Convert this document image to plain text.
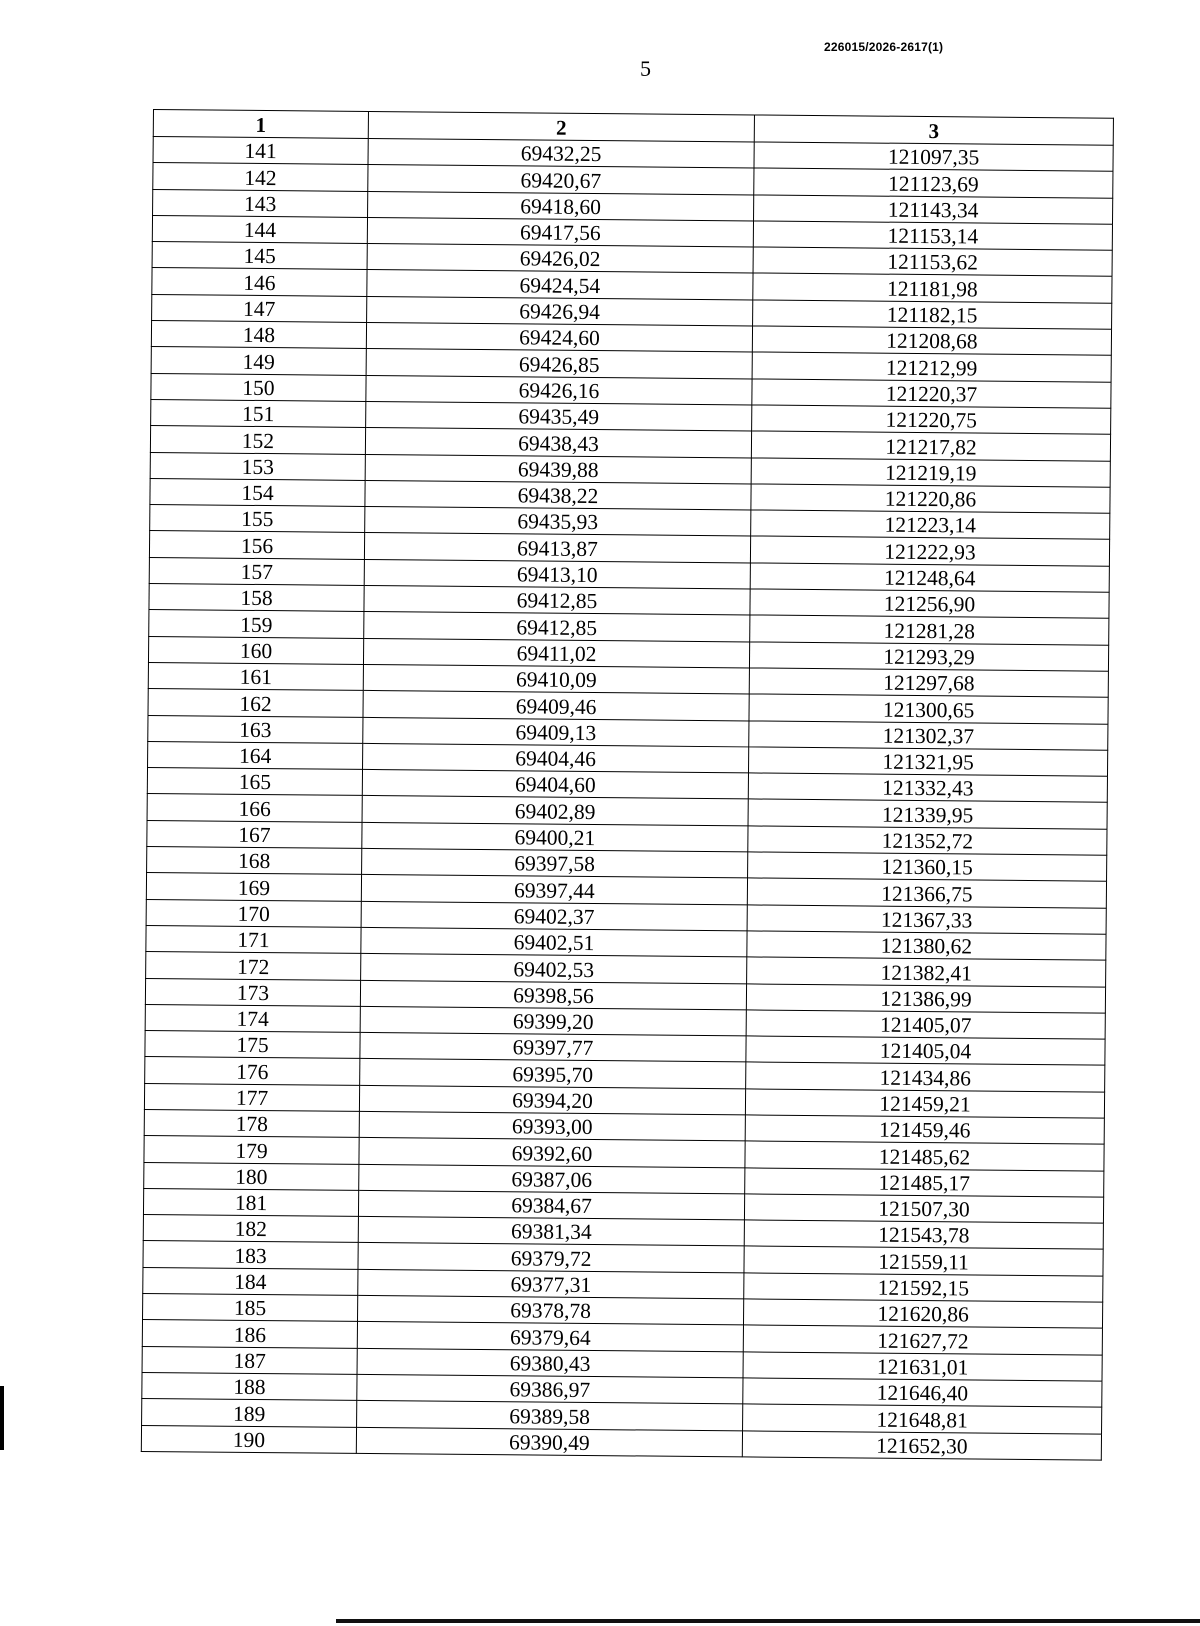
226015/2026-2617(1)
5
1	2	3
141	69432,25	121097,35
142	69420,67	121123,69
143	69418,60	121143,34
144	69417,56	121153,14
145	69426,02	121153,62
146	69424,54	121181,98
147	69426,94	121182,15
148	69424,60	121208,68
149	69426,85	121212,99
150	69426,16	121220,37
151	69435,49	121220,75
152	69438,43	121217,82
153	69439,88	121219,19
154	69438,22	121220,86
155	69435,93	121223,14
156	69413,87	121222,93
157	69413,10	121248,64
158	69412,85	121256,90
159	69412,85	121281,28
160	69411,02	121293,29
161	69410,09	121297,68
162	69409,46	121300,65
163	69409,13	121302,37
164	69404,46	121321,95
165	69404,60	121332,43
166	69402,89	121339,95
167	69400,21	121352,72
168	69397,58	121360,15
169	69397,44	121366,75
170	69402,37	121367,33
171	69402,51	121380,62
172	69402,53	121382,41
173	69398,56	121386,99
174	69399,20	121405,07
175	69397,77	121405,04
176	69395,70	121434,86
177	69394,20	121459,21
178	69393,00	121459,46
179	69392,60	121485,62
180	69387,06	121485,17
181	69384,67	121507,30
182	69381,34	121543,78
183	69379,72	121559,11
184	69377,31	121592,15
185	69378,78	121620,86
186	69379,64	121627,72
187	69380,43	121631,01
188	69386,97	121646,40
189	69389,58	121648,81
190	69390,49	121652,30
